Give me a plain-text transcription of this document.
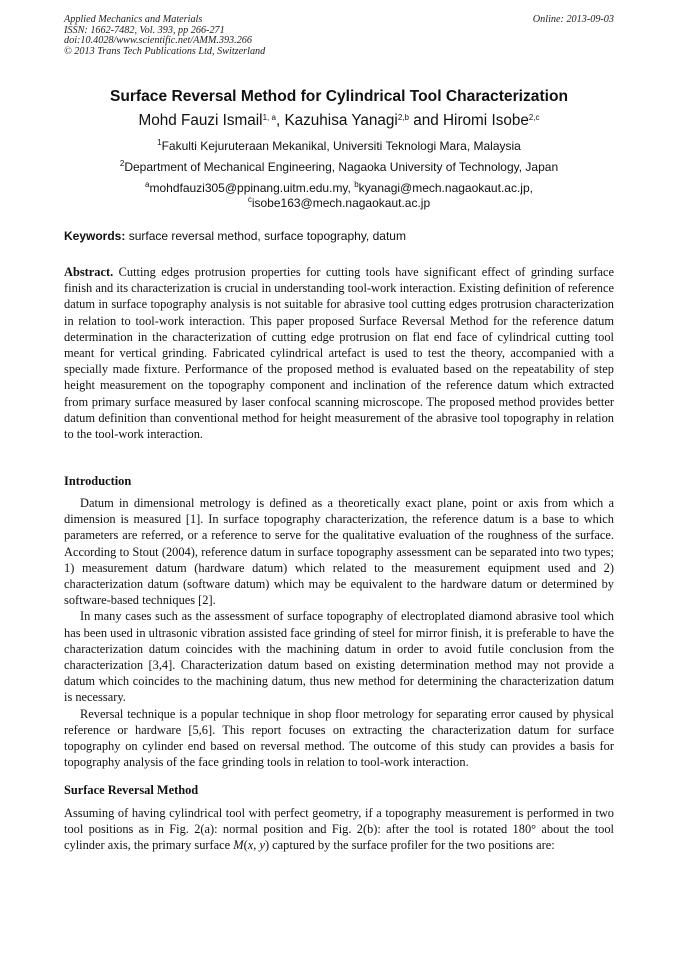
Applied Mechanics and Materials
ISSN: 1662-7482, Vol. 393, pp 266-271
doi:10.4028/www.scientific.net/AMM.393.266
© 2013 Trans Tech Publications Ltd, Switzerland
Online: 2013-09-03
Surface Reversal Method for Cylindrical Tool Characterization
Mohd Fauzi Ismail$^{1, a}$, Kazuhisa Yanagi$^{2,b}$ and Hiromi Isobe$^{2,c}$
$^1$Fakulti Kejuruteraan Mekanikal, Universiti Teknologi Mara, Malaysia
$^2$Department of Mechanical Engineering, Nagaoka University of Technology, Japan
$^a$mohdfauzi305@ppinang.uitm.edu.my, $^b$kyanagi@mech.nagaokaut.ac.jp,
$^c$isobe163@mech.nagaokaut.ac.jp
Keywords: surface reversal method, surface topography, datum

Abstract. Cutting edges protrusion properties for cutting tools have significant effect of grinding surface finish and its characterization is crucial in understanding tool-work interaction. Existing definition of reference datum in surface topography analysis is not suitable for abrasive tool cutting edges protrusion characterization in relation to tool-work interaction. This paper proposed Surface Reversal Method for the reference datum determination in the characterization of cutting edge protrusion on flat end face of cylindrical cutting tool meant for vertical grinding. Fabricated cylindrical artefact is used to test the theory, accompanied with a specially made fixture. Performance of the proposed method is evaluated based on the repeatability of step height measurement on the topography component and inclination of the reference datum which extracted from primary surface measured by laser confocal scanning microscope. The proposed method provides better datum definition than conventional method for height measurement of the abrasive tool topography in relation to the tool-work interaction.

Introduction

Datum in dimensional metrology is defined as a theoretically exact plane, point or axis from which a dimension is measured [1]. In surface topography characterization, the reference datum is a base to which parameters are referred, or a reference to serve for the qualitative evaluation of the roughness of the surface. According to Stout (2004), reference datum in surface topography assessment can be separated into two types; 1) measurement datum (hardware datum) which related to the measurement equipment used and 2) characterization datum (software datum) which may be equivalent to the hardware datum or determined by software-based techniques [2].

In many cases such as the assessment of surface topography of electroplated diamond abrasive tool which has been used in ultrasonic vibration assisted face grinding of steel for mirror finish, it is preferable to have the characterization datum coincides with the machining datum in order to avoid futile conclusion from the characterization [3,4]. Characterization datum based on existing determination method may not provide a datum which coincides to the machining datum, thus new method for determining the characterization datum is necessary.

Reversal technique is a popular technique in shop floor metrology for separating error caused by physical reference or hardware [5,6]. This report focuses on extracting the characterization datum for surface topography on cylinder end based on reversal method. The outcome of this study can provides a basis for topography analysis of the face grinding tools in relation to tool-work interaction.

Surface Reversal Method

Assuming of having cylindrical tool with perfect geometry, if a topography measurement is performed in two tool positions as in Fig. 2(a): normal position and Fig. 2(b): after the tool is rotated 180° about the tool cylinder axis, the primary surface M(x, y) captured by the surface profiler for the two positions are:
